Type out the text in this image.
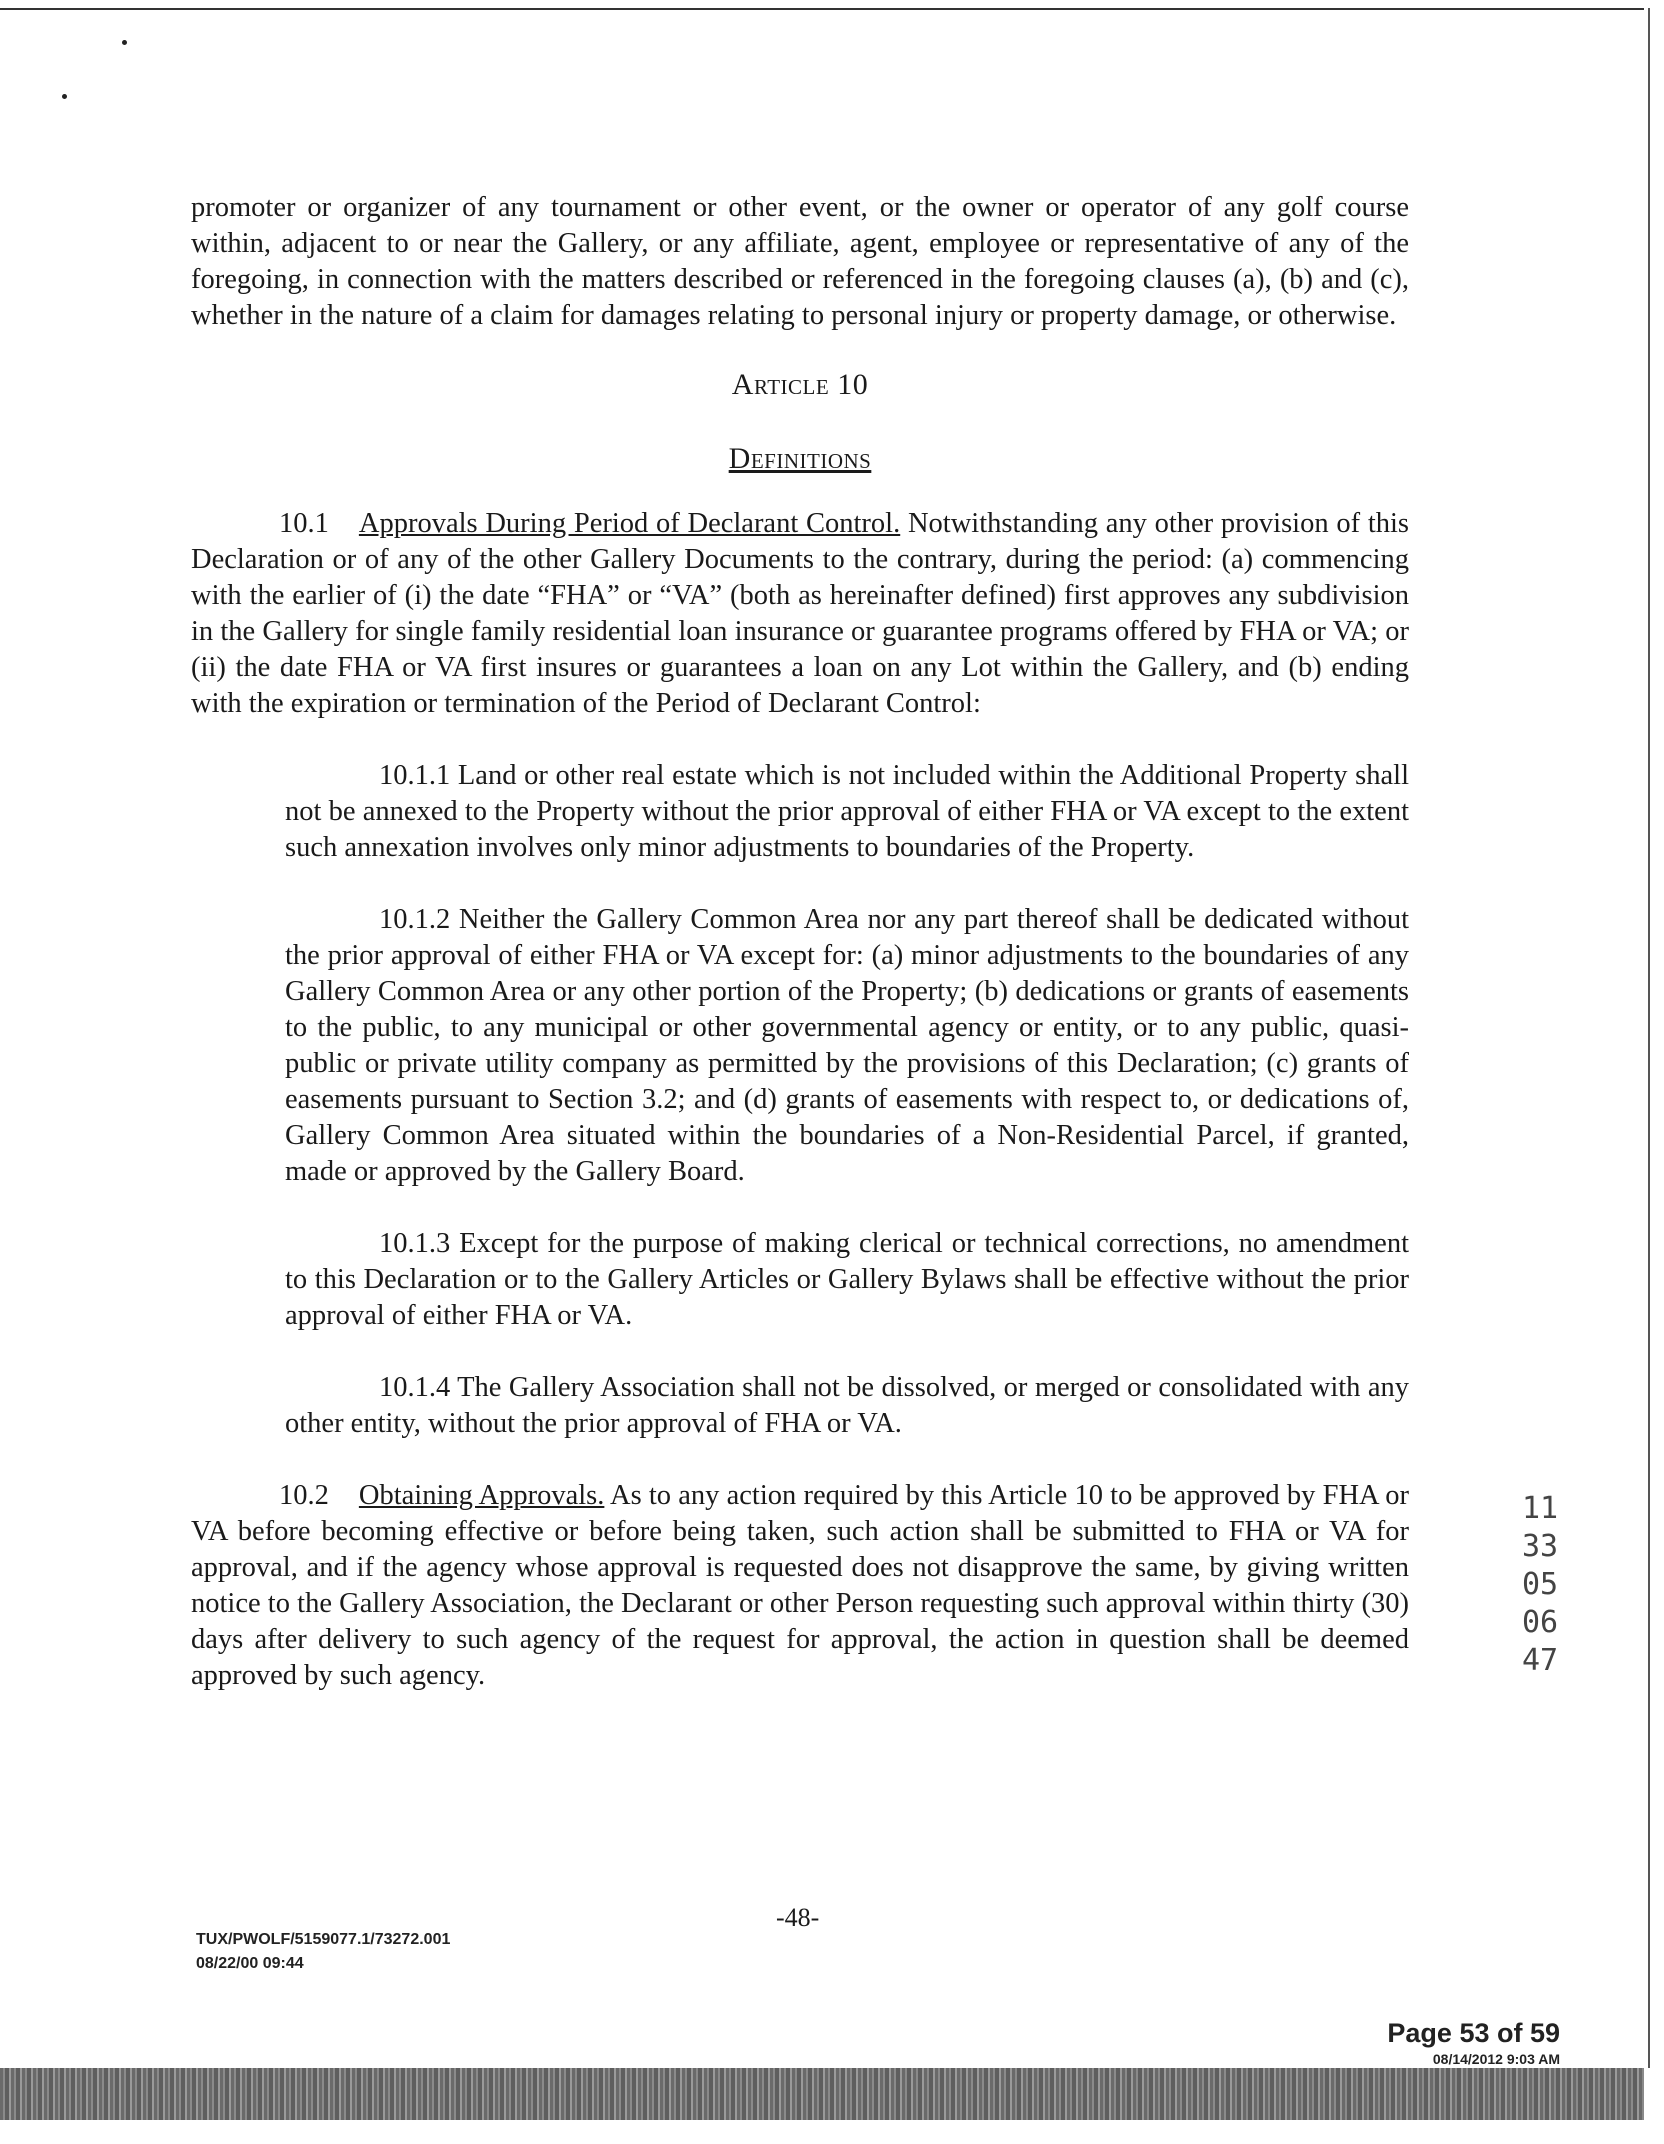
promoter or organizer of any tournament or other event, or the owner or operator of any golf course within, adjacent to or near the Gallery, or any affiliate, agent, employee or representative of any of the foregoing, in connection with the matters described or referenced in the foregoing clauses (a), (b) and (c), whether in the nature of a claim for damages relating to personal injury or property damage, or otherwise.

Article 10

Definitions

10.1 Approvals During Period of Declarant Control. Notwithstanding any other provision of this Declaration or of any of the other Gallery Documents to the contrary, during the period: (a) commencing with the earlier of (i) the date “FHA” or “VA” (both as hereinafter defined) first approves any subdivision in the Gallery for single family residential loan insurance or guarantee programs offered by FHA or VA; or (ii) the date FHA or VA first insures or guarantees a loan on any Lot within the Gallery, and (b) ending with the expiration or termination of the Period of Declarant Control:

10.1.1 Land or other real estate which is not included within the Additional Property shall not be annexed to the Property without the prior approval of either FHA or VA except to the extent such annexation involves only minor adjustments to boundaries of the Property.

10.1.2 Neither the Gallery Common Area nor any part thereof shall be dedicated without the prior approval of either FHA or VA except for: (a) minor adjustments to the boundaries of any Gallery Common Area or any other portion of the Property; (b) dedications or grants of easements to the public, to any municipal or other governmental agency or entity, or to any public, quasi-public or private utility company as permitted by the provisions of this Declaration; (c) grants of easements pursuant to Section 3.2; and (d) grants of easements with respect to, or dedications of, Gallery Common Area situated within the boundaries of a Non-Residential Parcel, if granted, made or approved by the Gallery Board.

10.1.3 Except for the purpose of making clerical or technical corrections, no amendment to this Declaration or to the Gallery Articles or Gallery Bylaws shall be effective without the prior approval of either FHA or VA.

10.1.4 The Gallery Association shall not be dissolved, or merged or consolidated with any other entity, without the prior approval of FHA or VA.

10.2 Obtaining Approvals. As to any action required by this Article 10 to be approved by FHA or VA before becoming effective or before being taken, such action shall be submitted to FHA or VA for approval, and if the agency whose approval is requested does not disapprove the same, by giving written notice to the Gallery Association, the Declarant or other Person requesting such approval within thirty (30) days after delivery to such agency of the request for approval, the action in question shall be deemed approved by such agency.

113305 0647
-48-
TUX/PWOLF/5159077.1/73272.001
08/22/00 09:44
Page 53 of 59
08/14/2012 9:03 AM
